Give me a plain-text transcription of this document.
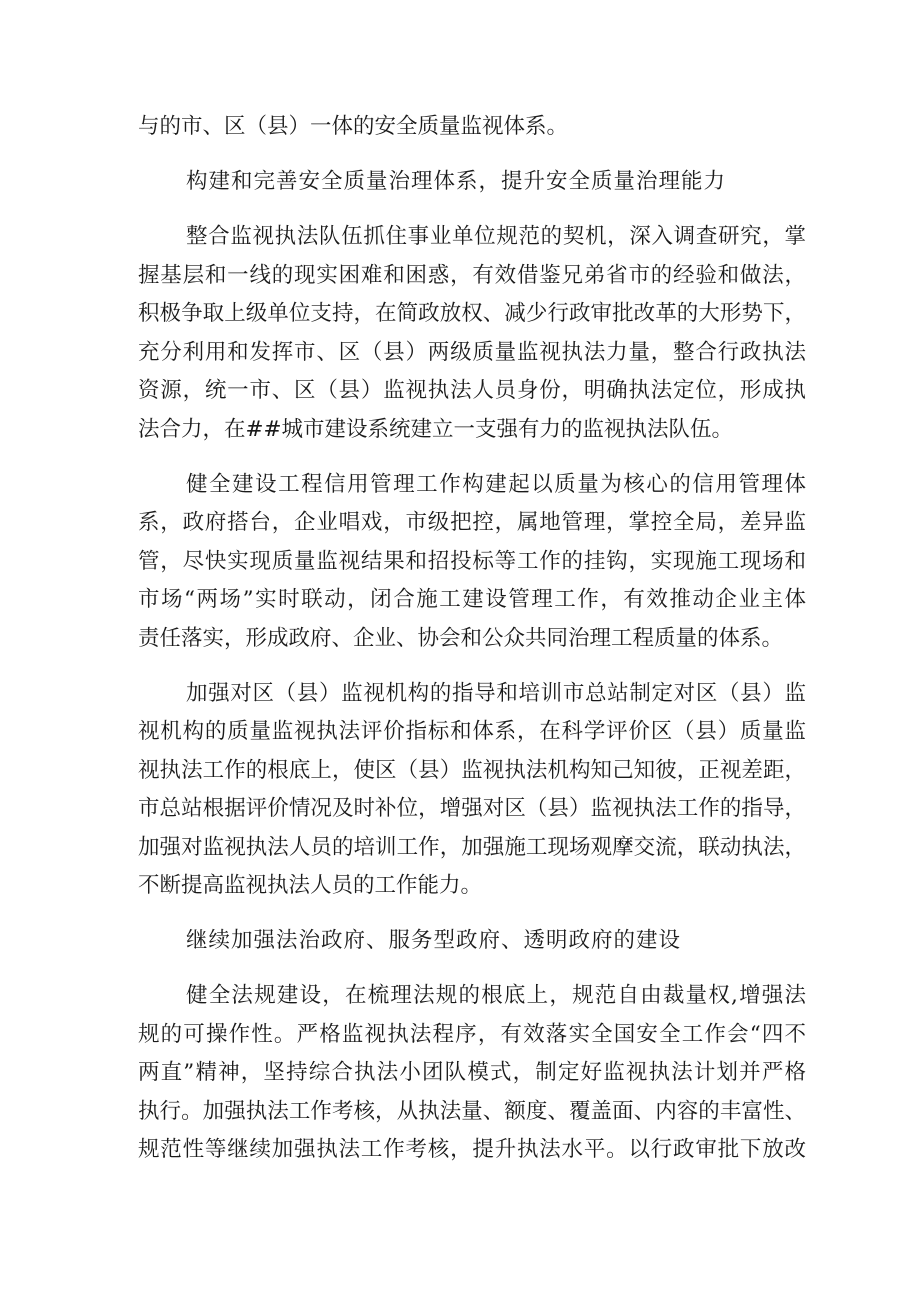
与的市、区（县）一体的安全质量监视体系。
构建和完善安全质量治理体系，提升安全质量治理能力
整合监视执法队伍抓住事业单位规范的契机，深入调查研究，掌
握基层和一线的现实困难和困惑，有效借鉴兄弟省市的经验和做法，
积极争取上级单位支持，在简政放权、减少行政审批改革的大形势下，
充分利用和发挥市、区（县）两级质量监视执法力量，整合行政执法
资源，统一市、区（县）监视执法人员身份，明确执法定位，形成执
法合力，在##城市建设系统建立一支强有力的监视执法队伍。
健全建设工程信用管理工作构建起以质量为核心的信用管理体
系，政府搭台，企业唱戏，市级把控，属地管理，掌控全局，差异监
管，尽快实现质量监视结果和招投标等工作的挂钩，实现施工现场和
市场“两场”实时联动，闭合施工建设管理工作，有效推动企业主体
责任落实，形成政府、企业、协会和公众共同治理工程质量的体系。
加强对区（县）监视机构的指导和培训市总站制定对区（县）监
视机构的质量监视执法评价指标和体系，在科学评价区（县）质量监
视执法工作的根底上，使区（县）监视执法机构知己知彼，正视差距，
市总站根据评价情况及时补位，增强对区（县）监视执法工作的指导，
加强对监视执法人员的培训工作，加强施工现场观摩交流，联动执法，
不断提高监视执法人员的工作能力。
继续加强法治政府、服务型政府、透明政府的建设
健全法规建设，在梳理法规的根底上，规范自由裁量权,增强法
规的可操作性。严格监视执法程序，有效落实全国安全工作会“四不
两直”精神，坚持综合执法小团队模式，制定好监视执法计划并严格
执行。加强执法工作考核，从执法量、额度、覆盖面、内容的丰富性、
规范性等继续加强执法工作考核，提升执法水平。以行政审批下放改
